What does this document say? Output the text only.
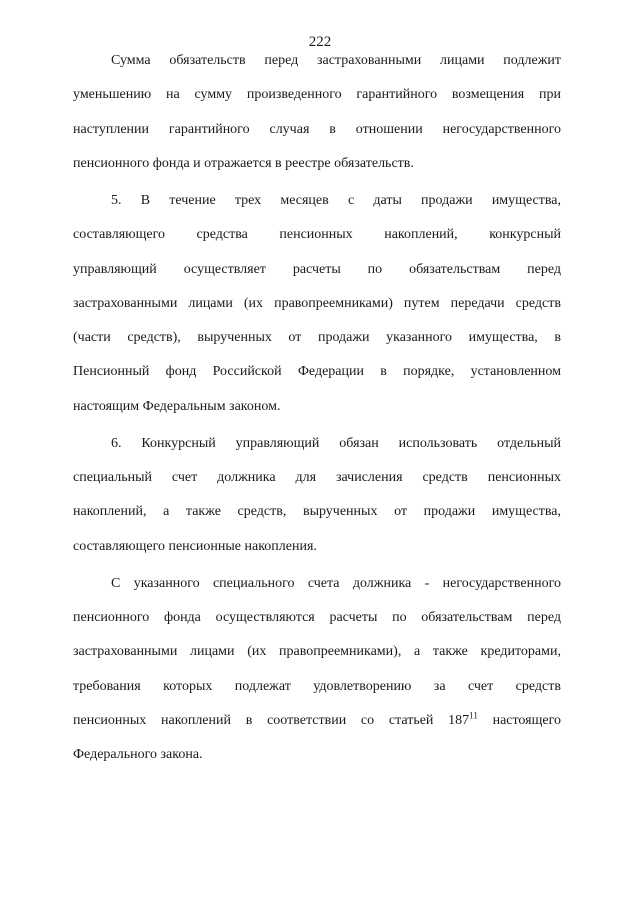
222

Сумма обязательств перед застрахованными лицами подлежит
уменьшению на сумму произведенного гарантийного возмещения при
наступлении гарантийного случая в отношении негосударственного
пенсионного фонда и отражается в реестре обязательств.

5. В течение трех месяцев с даты продажи имущества,
составляющего средства пенсионных накоплений, конкурсный
управляющий осуществляет расчеты по обязательствам перед
застрахованными лицами (их правопреемниками) путем передачи средств
(части средств), вырученных от продажи указанного имущества, в
Пенсионный фонд Российской Федерации в порядке, установленном
настоящим Федеральным законом.

6. Конкурсный управляющий обязан использовать отдельный
специальный счет должника для зачисления средств пенсионных
накоплений, а также средств, вырученных от продажи имущества,
составляющего пенсионные накопления.

С указанного специального счета должника - негосударственного
пенсионного фонда осуществляются расчеты по обязательствам перед
застрахованными лицами (их правопреемниками), а также кредиторами,
требования которых подлежат удовлетворению за счет средств
пенсионных накоплений в соответствии со статьей $187^{11}$ настоящего
Федерального закона.
